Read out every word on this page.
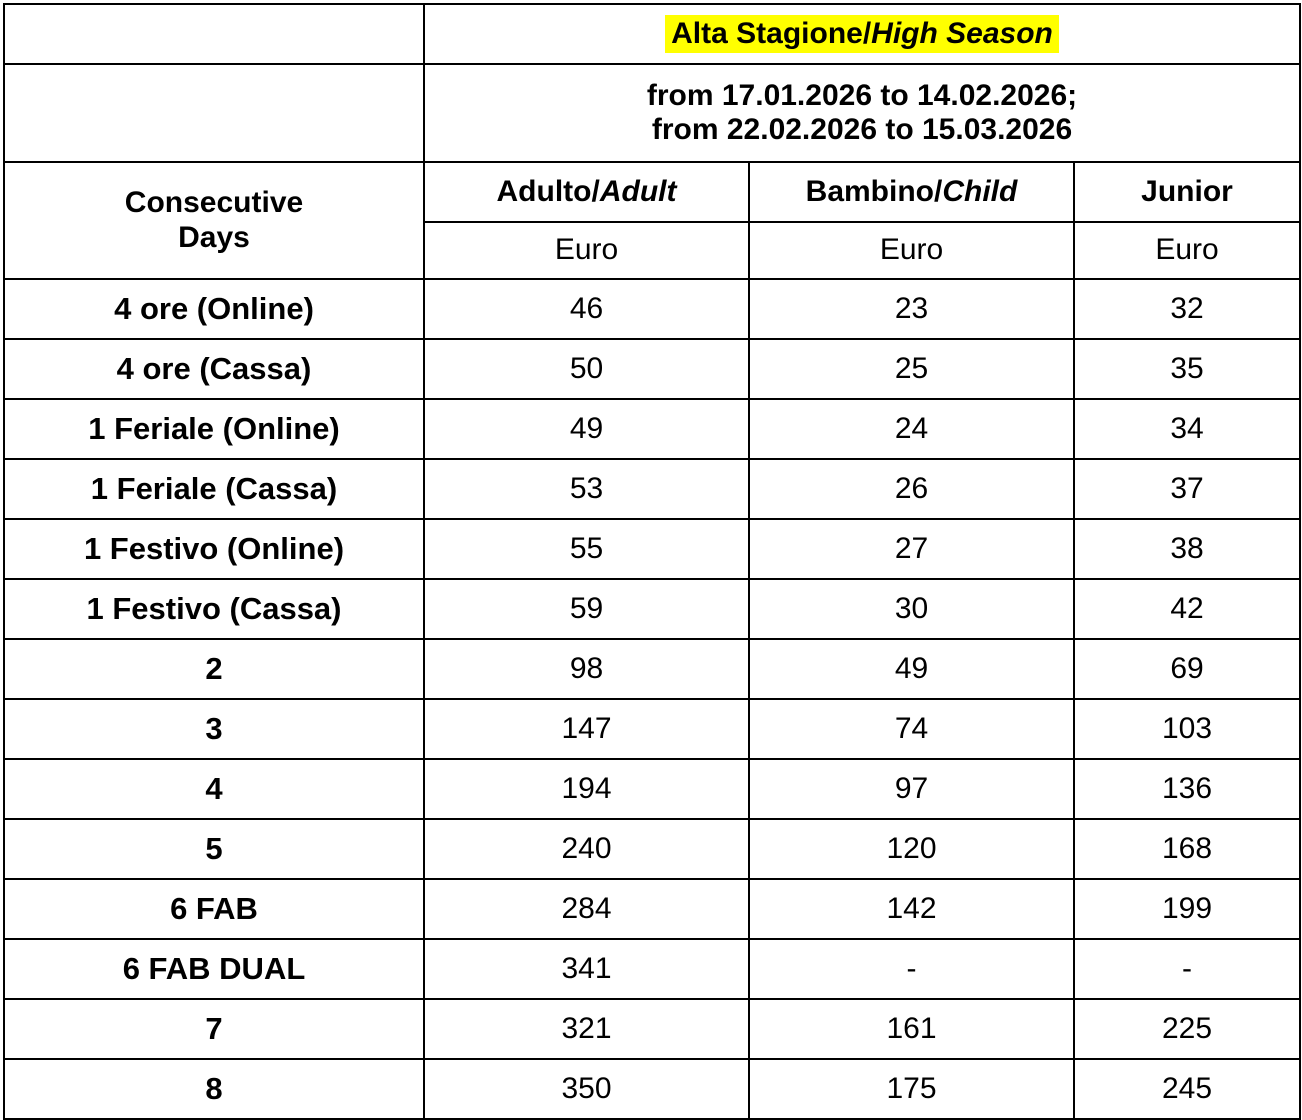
	Alta Stagione/High Season		

	from 17.01.2026 to 14.02.2026;
from 22.02.2026 to 15.03.2026		

Consecutive
Days	Adulto/Adult	Bambino/Child	Junior
	Euro	Euro	Euro
4 ore (Online)	46	23	32
4 ore (Cassa)	50	25	35
1 Feriale (Online)	49	24	34
1 Feriale (Cassa)	53	26	37
1 Festivo (Online)	55	27	38
1 Festivo (Cassa)	59	30	42
2	98	49	69
3	147	74	103
4	194	97	136
5	240	120	168
6 FAB	284	142	199
6 FAB DUAL	341	-	-
7	321	161	225
8	350	175	245
